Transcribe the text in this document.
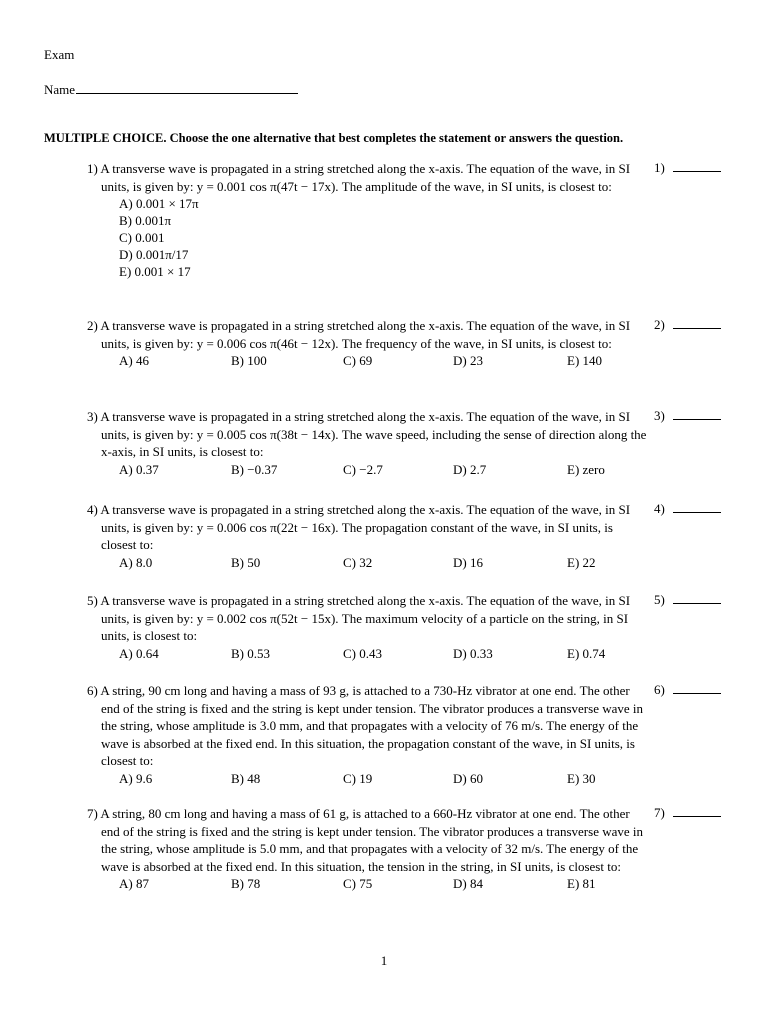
Exam
Name
MULTIPLE CHOICE. Choose the one alternative that best completes the statement or answers the question.

1) A transverse wave is propagated in a string stretched along the x-axis. The equation of the wave, in SI units, is given by: y = 0.001 cos π(47t − 17x). The amplitude of the wave, in SI units, is closest to:

A) 0.001 × 17π
B) 0.001π
C) 0.001
D) 0.001π/17
E) 0.001 × 17
1)

2) A transverse wave is propagated in a string stretched along the x-axis. The equation of the wave, in SI units, is given by: y = 0.006 cos π(46t − 12x). The frequency of the wave, in SI units, is closest to:

A) 46	B) 100	C) 69	D) 23	E) 140
2)

3) A transverse wave is propagated in a string stretched along the x-axis. The equation of the wave, in SI units, is given by: y = 0.005 cos π(38t − 14x). The wave speed, including the sense of direction along the x-axis, in SI units, is closest to:

A) 0.37	B) −0.37	C) −2.7	D) 2.7	E) zero
3)

4) A transverse wave is propagated in a string stretched along the x-axis. The equation of the wave, in SI units, is given by: y = 0.006 cos π(22t − 16x). The propagation constant of the wave, in SI units, is closest to:

A) 8.0	B) 50	C) 32	D) 16	E) 22
4)

5) A transverse wave is propagated in a string stretched along the x-axis. The equation of the wave, in SI units, is given by: y = 0.002 cos π(52t − 15x). The maximum velocity of a particle on the string, in SI units, is closest to:

A) 0.64	B) 0.53	C) 0.43	D) 0.33	E) 0.74
5)

6) A string, 90 cm long and having a mass of 93 g, is attached to a 730-Hz vibrator at one end. The other end of the string is fixed and the string is kept under tension. The vibrator produces a transverse wave in the string, whose amplitude is 3.0 mm, and that propagates with a velocity of 76 m/s. The energy of the wave is absorbed at the fixed end. In this situation, the propagation constant of the wave, in SI units, is closest to:

A) 9.6	B) 48	C) 19	D) 60	E) 30
6)

7) A string, 80 cm long and having a mass of 61 g, is attached to a 660-Hz vibrator at one end. The other end of the string is fixed and the string is kept under tension. The vibrator produces a transverse wave in the string, whose amplitude is 5.0 mm, and that propagates with a velocity of 32 m/s. The energy of the wave is absorbed at the fixed end. In this situation, the tension in the string, in SI units, is closest to:

A) 87	B) 78	C) 75	D) 84	E) 81
7)
1
